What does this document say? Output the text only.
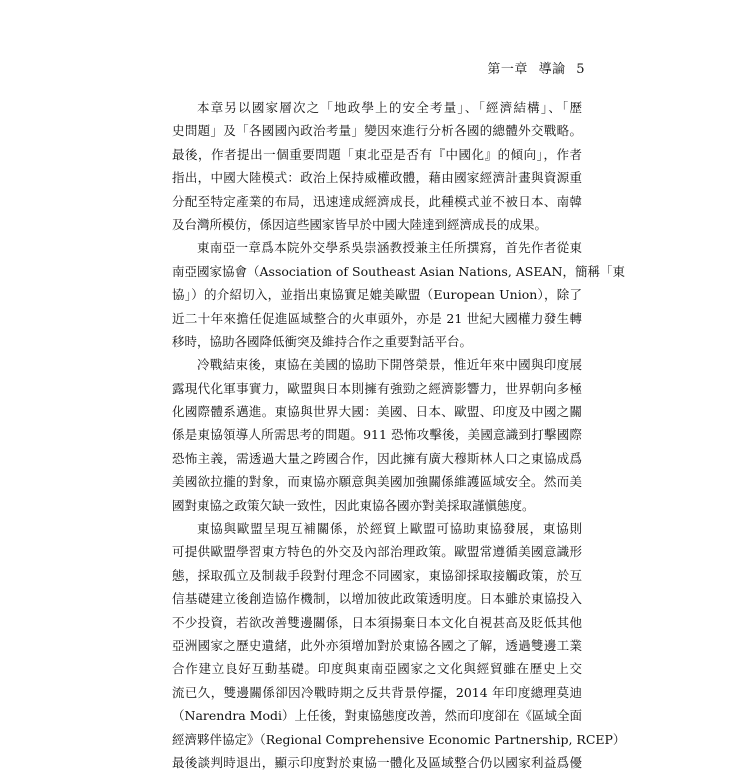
第一章 導論 5
本章另以國家層次之「地政學上的安全考量」、「經濟結構」、「歷
史問題」及「各國國內政治考量」變因來進行分析各國的總體外交戰略。
最後，作者提出一個重要問題「東北亞是否有『中國化』的傾向」，作者
指出，中國大陸模式：政治上保持威權政體，藉由國家經濟計畫與資源重
分配至特定產業的布局，迅速達成經濟成長，此種模式並不被日本、南韓
及台灣所模仿，係因這些國家皆早於中國大陸達到經濟成長的成果。
東南亞一章爲本院外交學系吳崇涵教授兼主任所撰寫，首先作者從東
南亞國家協會（Association of Southeast Asian Nations, ASEAN，簡稱「東
協」）的介紹切入，並指出東協實足媲美歐盟（European Union），除了
近二十年來擔任促進區域整合的火車頭外，亦是 21 世紀大國權力發生轉
移時，協助各國降低衝突及維持合作之重要對話平台。
冷戰結束後，東協在美國的協助下開啓榮景，惟近年來中國與印度展
露現代化軍事實力，歐盟與日本則擁有強勁之經濟影響力，世界朝向多極
化國際體系邁進。東協與世界大國：美國、日本、歐盟、印度及中國之關
係是東協領導人所需思考的問題。911 恐怖攻擊後，美國意識到打擊國際
恐怖主義，需透過大量之跨國合作，因此擁有廣大穆斯林人口之東協成爲
美國欲拉攏的對象，而東協亦願意與美國加強關係維護區域安全。然而美
國對東協之政策欠缺一致性，因此東協各國亦對美採取謹愼態度。
東協與歐盟呈現互補關係，於經貿上歐盟可協助東協發展，東協則
可提供歐盟學習東方特色的外交及內部治理政策。歐盟常遵循美國意識形
態，採取孤立及制裁手段對付理念不同國家，東協卻採取接觸政策，於互
信基礎建立後創造協作機制，以增加彼此政策透明度。日本雖於東協投入
不少投資，若欲改善雙邊關係，日本須揚棄日本文化自視甚高及貶低其他
亞洲國家之歷史遺緒，此外亦須增加對於東協各國之了解，透過雙邊工業
合作建立良好互動基礎。印度與東南亞國家之文化與經貿雖在歷史上交
流已久，雙邊關係卻因冷戰時期之反共背景停擺，2014 年印度總理莫迪
（Narendra Modi）上任後，對東協態度改善，然而印度卻在《區域全面
經濟夥伴協定》（Regional Comprehensive Economic Partnership, RCEP）
最後談判時退出，顯示印度對於東協一體化及區域整合仍以國家利益爲優
